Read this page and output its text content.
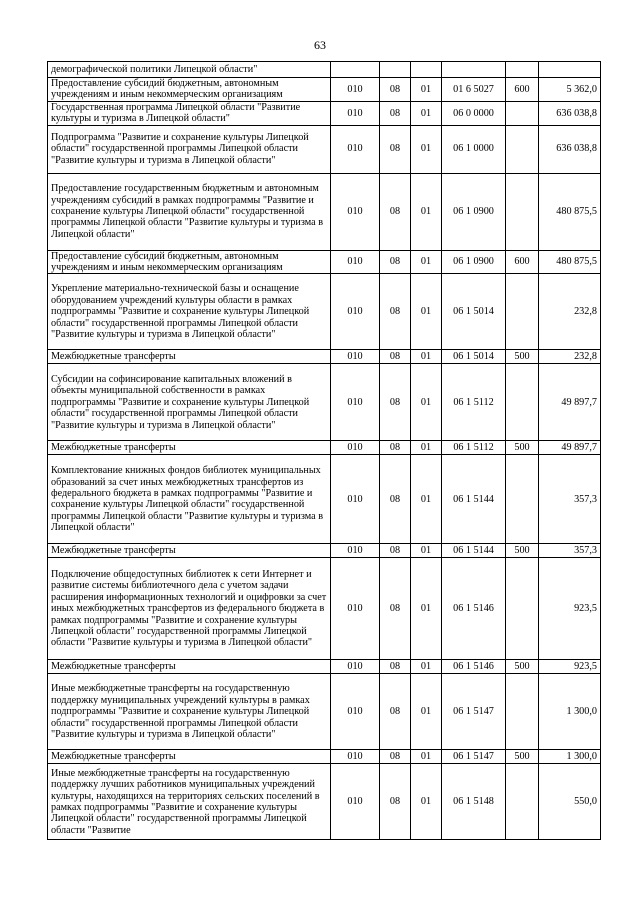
63
демографической политики Липецкой области"						
Предоставление субсидий бюджетным, автономным учреждениям и иным некоммерческим организациям	010	08	01	01 6 5027	600	5 362,0
Государственная программа Липецкой области "Развитие культуры и туризма в Липецкой области"	010	08	01	06 0 0000		636 038,8
Подпрограмма "Развитие и сохранение культуры Липецкой области" государственной программы Липецкой области "Развитие культуры и туризма в Липецкой области"	010	08	01	06 1 0000		636 038,8
Предоставление государственным бюджетным и автономным учреждениям субсидий в рамках подпрограммы "Развитие и сохранение культуры Липецкой области" государственной программы Липецкой области "Развитие культуры и туризма в Липецкой области"	010	08	01	06 1 0900		480 875,5
Предоставление субсидий бюджетным, автономным учреждениям и иным некоммерческим организациям	010	08	01	06 1 0900	600	480 875,5
Укрепление материально-технической базы и оснащение оборудованием учреждений культуры области в рамках подпрограммы "Развитие и сохранение культуры Липецкой области" государственной программы Липецкой области "Развитие культуры и туризма в Липецкой области"	010	08	01	06 1 5014		232,8
Межбюджетные трансферты	010	08	01	06 1 5014	500	232,8
Субсидии на софинсирование капитальных вложений в объекты муниципальной собственности в рамках подпрограммы "Развитие и сохранение культуры Липецкой области" государственной программы Липецкой области "Развитие культуры и туризма в Липецкой области"	010	08	01	06 1 5112		49 897,7
Межбюджетные трансферты	010	08	01	06 1 5112	500	49 897,7
Комплектование книжных фондов библиотек муниципальных образований за счет иных межбюджетных трансфертов из федерального бюджета в рамках подпрограммы "Развитие и сохранение культуры Липецкой области" государственной программы Липецкой области "Развитие культуры и туризма в Липецкой области"	010	08	01	06 1 5144		357,3
Межбюджетные трансферты	010	08	01	06 1 5144	500	357,3
Подключение общедоступных библиотек к сети Интернет и развитие системы библиотечного дела с учетом задачи расширения информационных технологий и оцифровки за счет иных межбюджетных трансфертов из федерального бюджета в рамках подпрограммы "Развитие и сохранение культуры Липецкой области" государственной программы Липецкой области "Развитие культуры и туризма в Липецкой области"	010	08	01	06 1 5146		923,5
Межбюджетные трансферты	010	08	01	06 1 5146	500	923,5
Иные межбюджетные трансферты на государственную поддержку муниципальных учреждений культуры в рамках подпрограммы "Развитие и сохранение культуры Липецкой области" государственной программы Липецкой области "Развитие культуры и туризма в Липецкой области"	010	08	01	06 1 5147		1 300,0
Межбюджетные трансферты	010	08	01	06 1 5147	500	1 300,0
Иные межбюджетные трансферты на государственную поддержку лучших работников муниципальных учреждений культуры, находящихся на территориях сельских поселений в рамках подпрограммы "Развитие и сохранение культуры Липецкой области" государственной программы Липецкой области "Развитие	010	08	01	06 1 5148		550,0
